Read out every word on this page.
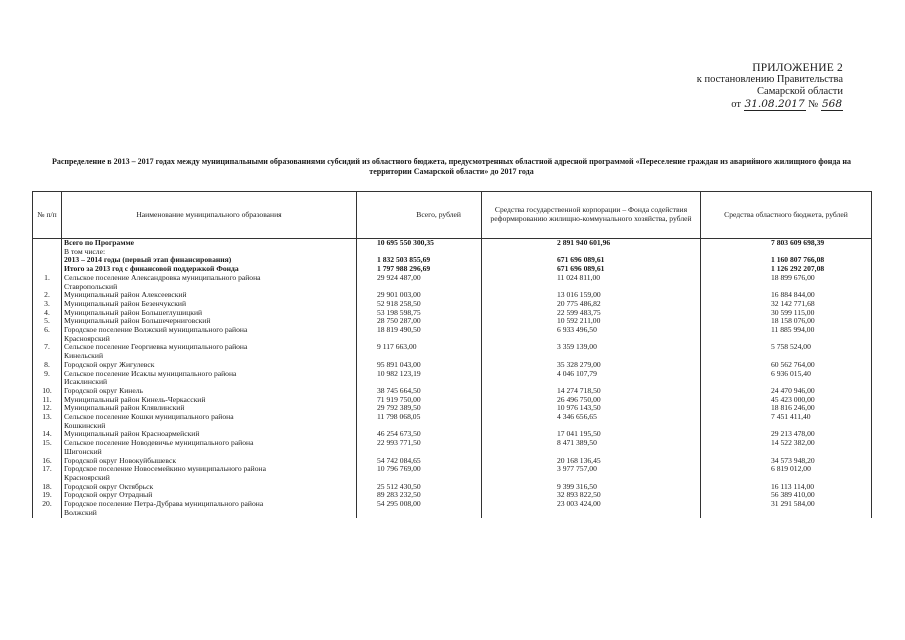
ПРИЛОЖЕНИЕ 2
к постановлению Правительства
Самарской области
от 31.08.2017 № 568
Распределение в 2013 – 2017 годах между муниципальными образованиями субсидий из областного бюджета, предусмотренных областной адресной программой «Переселение граждан из аварийного жилищного фонда на территории Самарской области» до 2017 года
№ п/п	Наименование муниципального образования	Всего, рублей	Средства государственной корпорации – Фонда содействия реформированию жилищно-коммунального хозяйства, рублей	Средства областного бюджета, рублей
	Всего по Программе	10 695 550 300,35	2 891 940 601,96	7 803 609 698,39
	В том числе:			
	2013 – 2014 годы (первый этап финансирования)	1 832 503 855,69	671 696 089,61	1 160 807 766,08
	Итого за 2013 год с финансовой поддержкой Фонда	1 797 988 296,69	671 696 089,61	1 126 292 207,08
1.	Сельское поселение Александровка муниципального района
Ставропольский	29 924 487,00	11 024 811,00	18 899 676,00
2.	Муниципальный район Алексеевский	29 901 003,00	13 016 159,00	16 884 844,00
3.	Муниципальный район Безенчукский	52 918 258,50	20 775 486,82	32 142 771,68
4.	Муниципальный район Большеглушицкий	53 198 598,75	22 599 483,75	30 599 115,00
5.	Муниципальный район Большечерниговский	28 750 287,00	10 592 211,00	18 158 076,00
6.	Городское поселение Волжский муниципального района
Красноярский	18 819 490,50	6 933 496,50	11 885 994,00
7.	Сельское поселение Георгиевка муниципального района
Кинельский	9 117 663,00	3 359 139,00	5 758 524,00
8.	Городской округ Жигулевск	95 891 043,00	35 328 279,00	60 562 764,00
9.	Сельское поселение Исаклы муниципального района
Исаклинский	10 982 123,19	4 046 107,79	6 936 015,40
10.	Городской округ Кинель	38 745 664,50	14 274 718,50	24 470 946,00
11.	Муниципальный район Кинель-Черкасский	71 919 750,00	26 496 750,00	45 423 000,00
12.	Муниципальный район Клявлинский	29 792 389,50	10 976 143,50	18 816 246,00
13.	Сельское поселение Кошки муниципального района
Кошкинский	11 798 068,05	4 346 656,65	7 451 411,40
14.	Муниципальный район Красноармейский	46 254 673,50	17 041 195,50	29 213 478,00
15.	Сельское поселение Новодевичье муниципального района
Шигонский	22 993 771,50	8 471 389,50	14 522 382,00
16.	Городской округ Новокуйбышевск	54 742 084,65	20 168 136,45	34 573 948,20
17.	Городское поселение Новосемейкино муниципального района
Красноярский	10 796 769,00	3 977 757,00	6 819 012,00
18.	Городской округ Октябрьск	25 512 430,50	9 399 316,50	16 113 114,00
19.	Городской округ Отрадный	89 283 232,50	32 893 822,50	56 389 410,00
20.	Городское поселение Петра-Дубрава муниципального района
Волжский	54 295 008,00	23 003 424,00	31 291 584,00
